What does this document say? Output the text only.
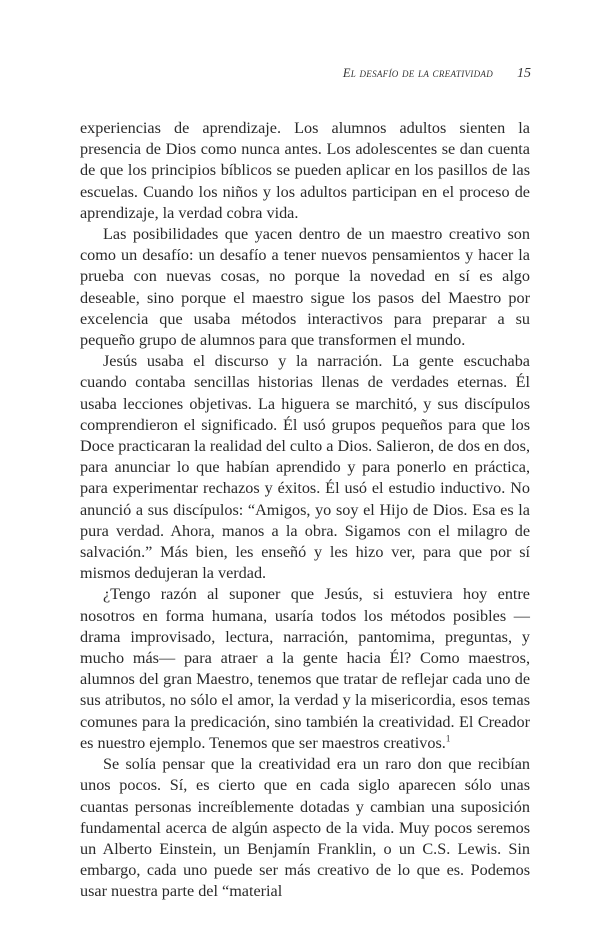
El desafío de la creatividad 15

experiencias de aprendizaje. Los alumnos adultos sienten la presencia de Dios como nunca antes. Los adolescentes se dan cuenta de que los principios bíblicos se pueden aplicar en los pasillos de las escuelas. Cuando los niños y los adultos participan en el proceso de aprendizaje, la verdad cobra vida.

Las posibilidades que yacen dentro de un maestro creativo son como un desafío: un desafío a tener nuevos pensamientos y hacer la prueba con nuevas cosas, no porque la novedad en sí es algo deseable, sino porque el maestro sigue los pasos del Maestro por excelencia que usaba métodos interactivos para preparar a su pequeño grupo de alumnos para que transformen el mundo.

Jesús usaba el discurso y la narración. La gente escuchaba cuando contaba sencillas historias llenas de verdades eternas. Él usaba lecciones objetivas. La higuera se marchitó, y sus discípulos comprendieron el significado. Él usó grupos pequeños para que los Doce practicaran la realidad del culto a Dios. Salieron, de dos en dos, para anunciar lo que habían aprendido y para ponerlo en práctica, para experimentar rechazos y éxitos. Él usó el estudio inductivo. No anunció a sus discípulos: “Amigos, yo soy el Hijo de Dios. Esa es la pura verdad. Ahora, manos a la obra. Sigamos con el milagro de salvación.” Más bien, les enseñó y les hizo ver, para que por sí mismos dedujeran la verdad.

¿Tengo razón al suponer que Jesús, si estuviera hoy entre nosotros en forma humana, usaría todos los métodos posibles —drama improvisado, lectura, narración, pantomima, preguntas, y mucho más— para atraer a la gente hacia Él? Como maestros, alumnos del gran Maestro, tenemos que tratar de reflejar cada uno de sus atributos, no sólo el amor, la verdad y la misericordia, esos temas comunes para la predicación, sino también la creatividad. El Creador es nuestro ejemplo. Tenemos que ser maestros creativos.$^1$

Se solía pensar que la creatividad era un raro don que recibían unos pocos. Sí, es cierto que en cada siglo aparecen sólo unas cuantas personas increíblemente dotadas y cambian una suposición fundamental acerca de algún aspecto de la vida. Muy pocos seremos un Alberto Einstein, un Benjamín Franklin, o un C.S. Lewis. Sin embargo, cada uno puede ser más creativo de lo que es. Podemos usar nuestra parte del “material
